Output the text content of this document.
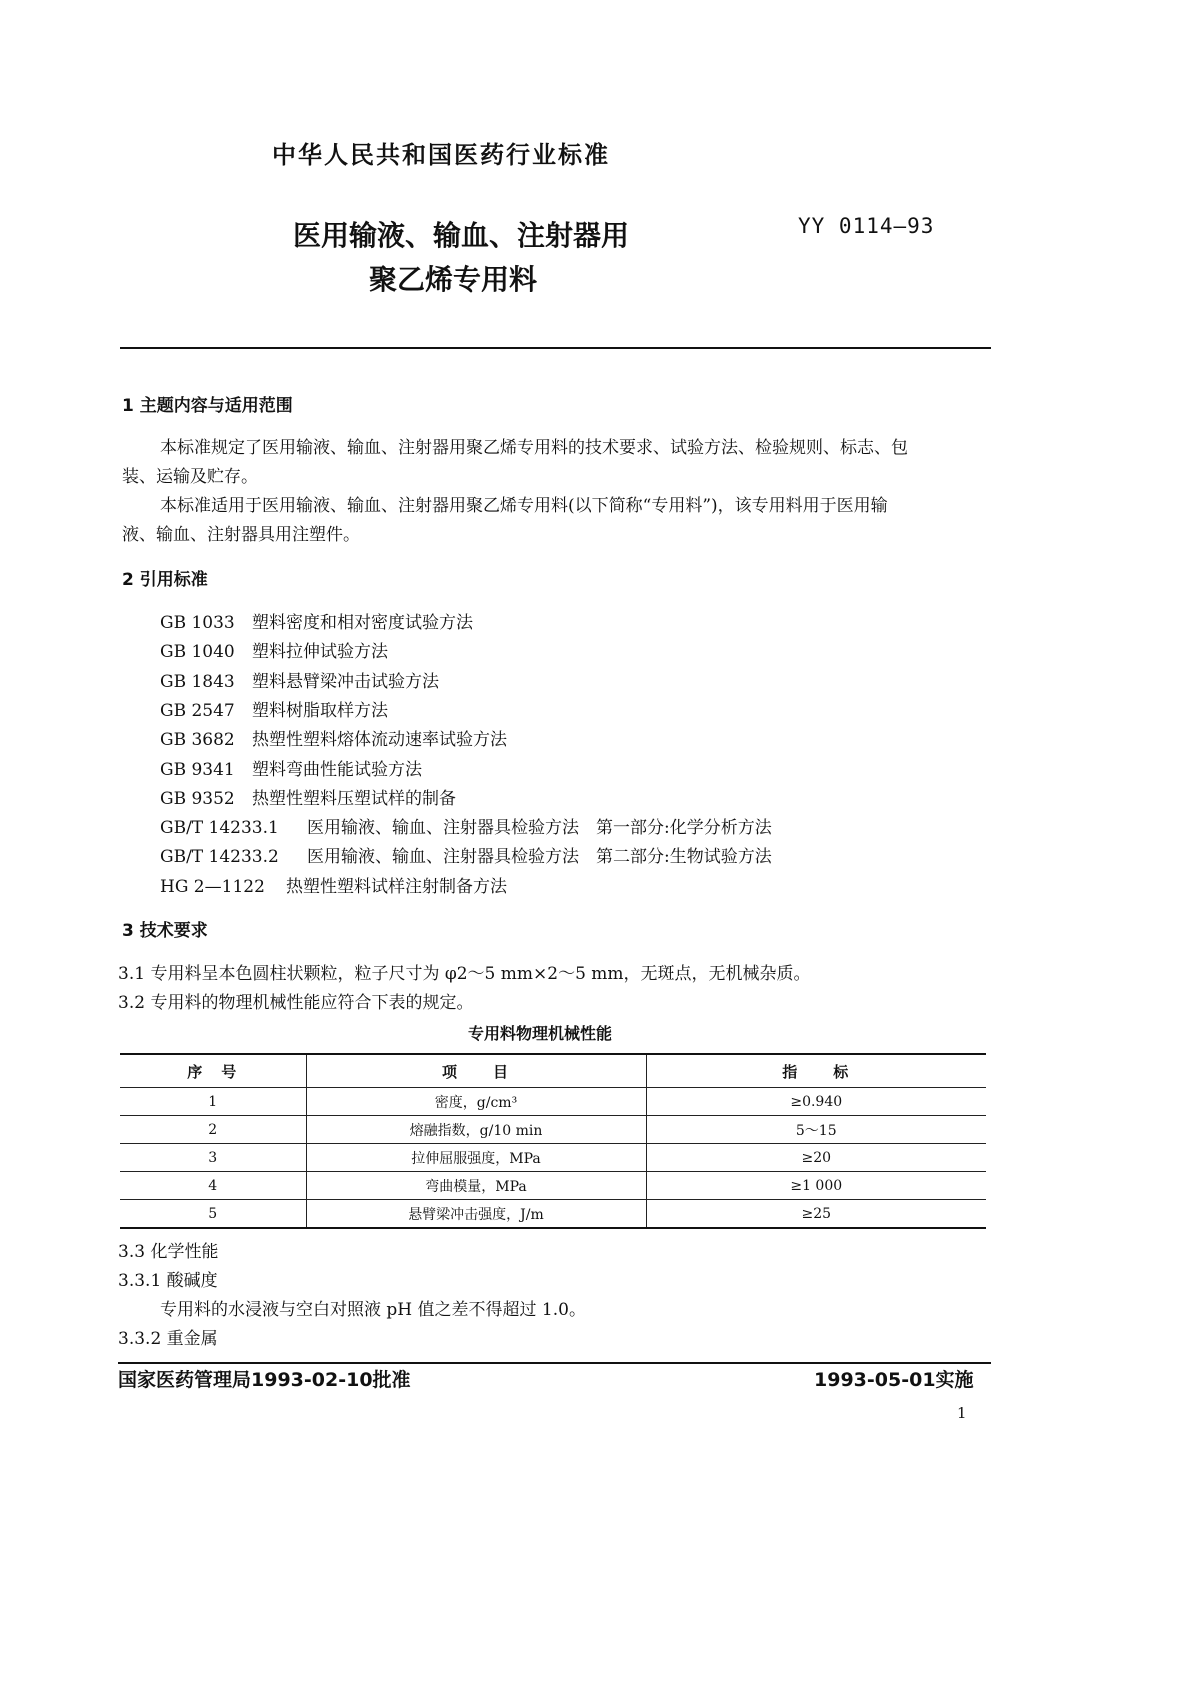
中华人民共和国医药行业标准
医用输液、输血、注射器用
聚乙烯专用料
YY 0114—93
1 主题内容与适用范围
本标准规定了医用输液、输血、注射器用聚乙烯专用料的技术要求、试验方法、检验规则、标志、包
装、运输及贮存。
本标准适用于医用输液、输血、注射器用聚乙烯专用料(以下简称“专用料”)，该专用料用于医用输
液、输血、注射器具用注塑件。
2 引用标准
GB 1033 塑料密度和相对密度试验方法
GB 1040 塑料拉伸试验方法
GB 1843 塑料悬臂梁冲击试验方法
GB 2547 塑料树脂取样方法
GB 3682 热塑性塑料熔体流动速率试验方法
GB 9341 塑料弯曲性能试验方法
GB 9352 热塑性塑料压塑试样的制备
GB/T 14233.1 医用输液、输血、注射器具检验方法　第一部分:化学分析方法
GB/T 14233.2 医用输液、输血、注射器具检验方法　第二部分:生物试验方法
HG 2—1122 热塑性塑料试样注射制备方法
3 技术要求
3.1 专用料呈本色圆柱状颗粒，粒子尺寸为 φ2～5 mm×2～5 mm，无斑点，无机械杂质。
3.2 专用料的物理机械性能应符合下表的规定。
专用料物理机械性能
序　号	项　　目	指　　标
1	密度，g/cm³	≥0.940
2	熔融指数，g/10 min	5～15
3	拉伸屈服强度，MPa	≥20
4	弯曲模量，MPa	≥1 000
5	悬臂梁冲击强度，J/m	≥25
3.3 化学性能
3.3.1 酸碱度
专用料的水浸液与空白对照液 pH 值之差不得超过 1.0。
3.3.2 重金属
国家医药管理局1993-02-10批准	1993-05-01实施
1
